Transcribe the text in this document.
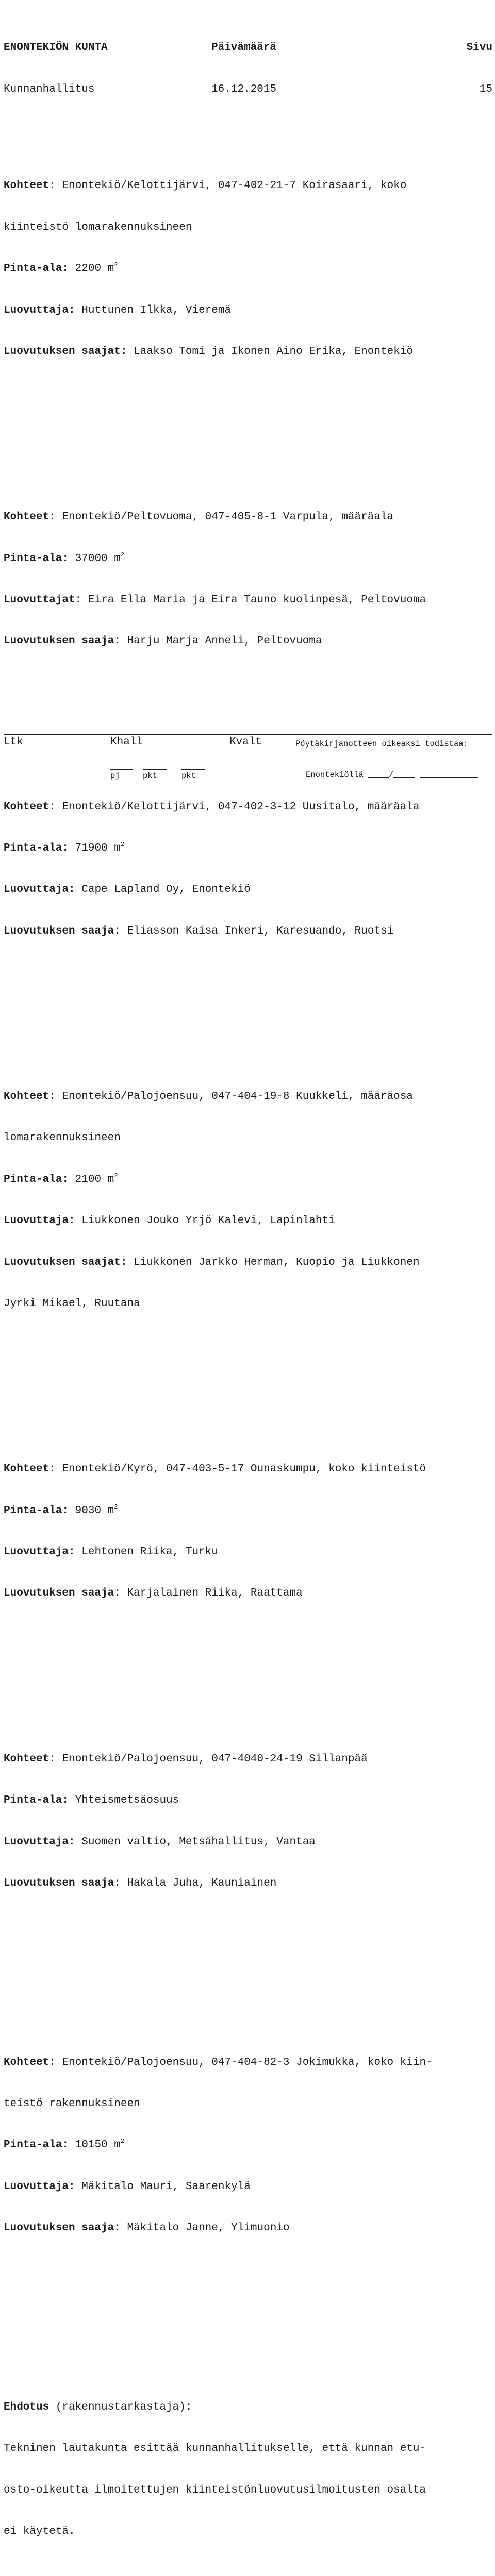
ENONTEKIÖN KUNTA	Päivämäärä	Sivu

Kunnanhallitus	16.12.2015	15

Kohteet: Enontekiö/Kelottijärvi, 047-402-21-7 Koirasaari, koko

kiinteistö lomarakennuksineen

Pinta-ala: 2200 $m^2$

Luovuttaja: Huttunen Ilkka, Vieremä

Luovutuksen saajat: Laakso Tomi ja Ikonen Aino Erika, Enontekiö

Kohteet: Enontekiö/Peltovuoma, 047-405-8-1 Varpula, määräala

Pinta-ala: 37000 $m^2$

Luovuttajat: Eira Ella Maria ja Eira Tauno kuolinpesä, Peltovuoma

Luovutuksen saaja: Harju Marja Anneli, Peltovuoma

Kohteet: Enontekiö/Kelottijärvi, 047-402-3-12 Uusitalo, määräala

Pinta-ala: 71900 $m^2$

Luovuttaja: Cape Lapland Oy, Enontekiö

Luovutuksen saaja: Eliasson Kaisa Inkeri, Karesuando, Ruotsi

Kohteet: Enontekiö/Palojoensuu, 047-404-19-8 Kuukkeli, määräosa

lomarakennuksineen

Pinta-ala: 2100 $m^2$

Luovuttaja: Liukkonen Jouko Yrjö Kalevi, Lapinlahti

Luovutuksen saajat: Liukkonen Jarkko Herman, Kuopio ja Liukkonen

Jyrki Mikael, Ruutana

Kohteet: Enontekiö/Kyrö, 047-403-5-17 Ounaskumpu, koko kiinteistö

Pinta-ala: 9030 $m^2$

Luovuttaja: Lehtonen Riika, Turku

Luovutuksen saaja: Karjalainen Riika, Raattama

Kohteet: Enontekiö/Palojoensuu, 047-4040-24-19 Sillanpää

Pinta-ala: Yhteismetsäosuus

Luovuttaja: Suomen valtio, Metsähallitus, Vantaa

Luovutuksen saaja: Hakala Juha, Kauniainen

Kohteet: Enontekiö/Palojoensuu, 047-404-82-3 Jokimukka, koko kiin-

teistö rakennuksineen

Pinta-ala: 10150 $m^2$

Luovuttaja: Mäkitalo Mauri, Saarenkylä

Luovutuksen saaja: Mäkitalo Janne, Ylimuonio

Ehdotus (rakennustarkastaja):

Tekninen lautakunta esittää kunnanhallitukselle, että kunnan etu-

osto-oikeutta ilmoitettujen kiinteistönluovutusilmoitusten osalta

ei käytetä.

Ltk	Khall	Kvalt	Pöytäkirjanotteen oikeaksi todistaa:
pj	pkt	pkt	Enontekiöllä	/
